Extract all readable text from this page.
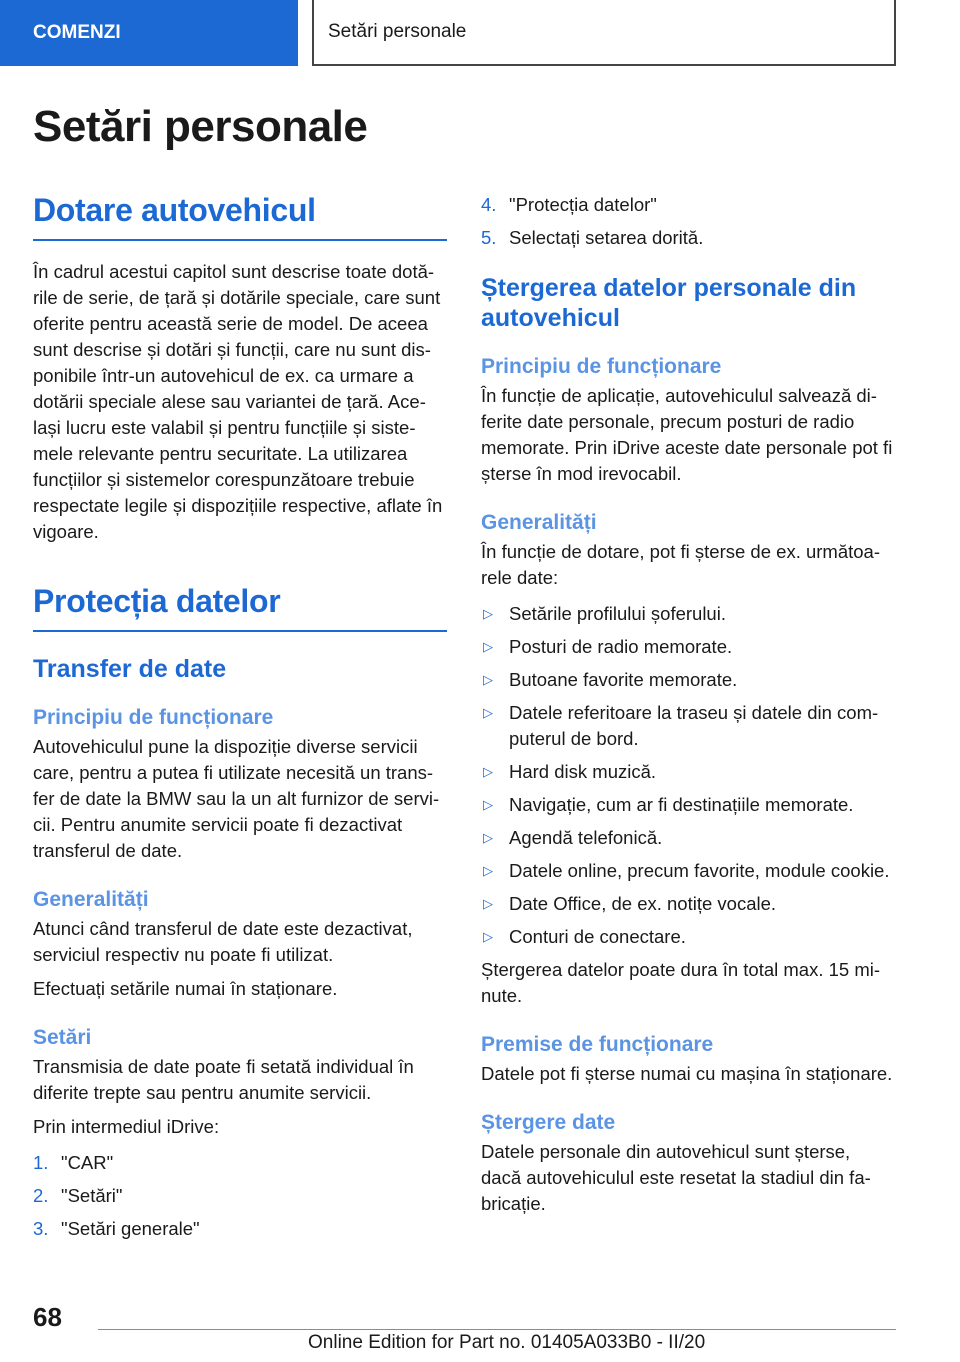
COMENZI	Setări personale
Setări personale
Dotare autovehicul

În cadrul acestui capitol sunt descrise toate dotările de serie, de țară și dotările speciale, care sunt oferite pentru această serie de model. De aceea sunt descrise și dotări și funcții, care nu sunt disponibile într-un autovehicul de ex. ca urmare a dotării speciale alese sau variantei de țară. Același lucru este valabil și pentru funcțiile și sistemele relevante pentru securitate. La utilizarea funcțiilor și sistemelor corespunzătoare trebuie respectate legile și dispozițiile respective, aflate în vigoare.

Protecția datelor
Transfer de date
Principiu de funcționare

Autovehiculul pune la dispoziție diverse servicii care, pentru a putea fi utilizate necesită un transfer de date la BMW sau la un alt furnizor de servicii. Pentru anumite servicii poate fi dezactivat transferul de date.

Generalități

Atunci când transferul de date este dezactivat, serviciul respectiv nu poate fi utilizat.

Efectuați setările numai în staționare.

Setări

Transmisia de date poate fi setată individual în diferite trepte sau pentru anumite servicii.

Prin intermediul iDrive:

1. "CAR"
2. "Setări"
3. "Setări generale"
4. "Protecția datelor"
5. Selectați setarea dorită.
Ștergerea datelor personale din autovehicul
Principiu de funcționare

În funcție de aplicație, autovehiculul salvează diferite date personale, precum posturi de radio memorate. Prin iDrive aceste date personale pot fi șterse în mod irevocabil.

Generalități

În funcție de dotare, pot fi șterse de ex. următoarele date:

▷ Setările profilului șoferului.
▷ Posturi de radio memorate.
▷ Butoane favorite memorate.
▷ Datele referitoare la traseu și datele din computerul de bord.
▷ Hard disk muzică.
▷ Navigație, cum ar fi destinațiile memorate.
▷ Agendă telefonică.
▷ Datele online, precum favorite, module cookie.
▷ Date Office, de ex. notițe vocale.
▷ Conturi de conectare.

Ștergerea datelor poate dura în total max. 15 minute.

Premise de funcționare

Datele pot fi șterse numai cu mașina în staționare.

Ștergere date

Datele personale din autovehicul sunt șterse, dacă autovehiculul este resetat la stadiul din fabricație.

68
Online Edition for Part no. 01405A033B0 - II/20
